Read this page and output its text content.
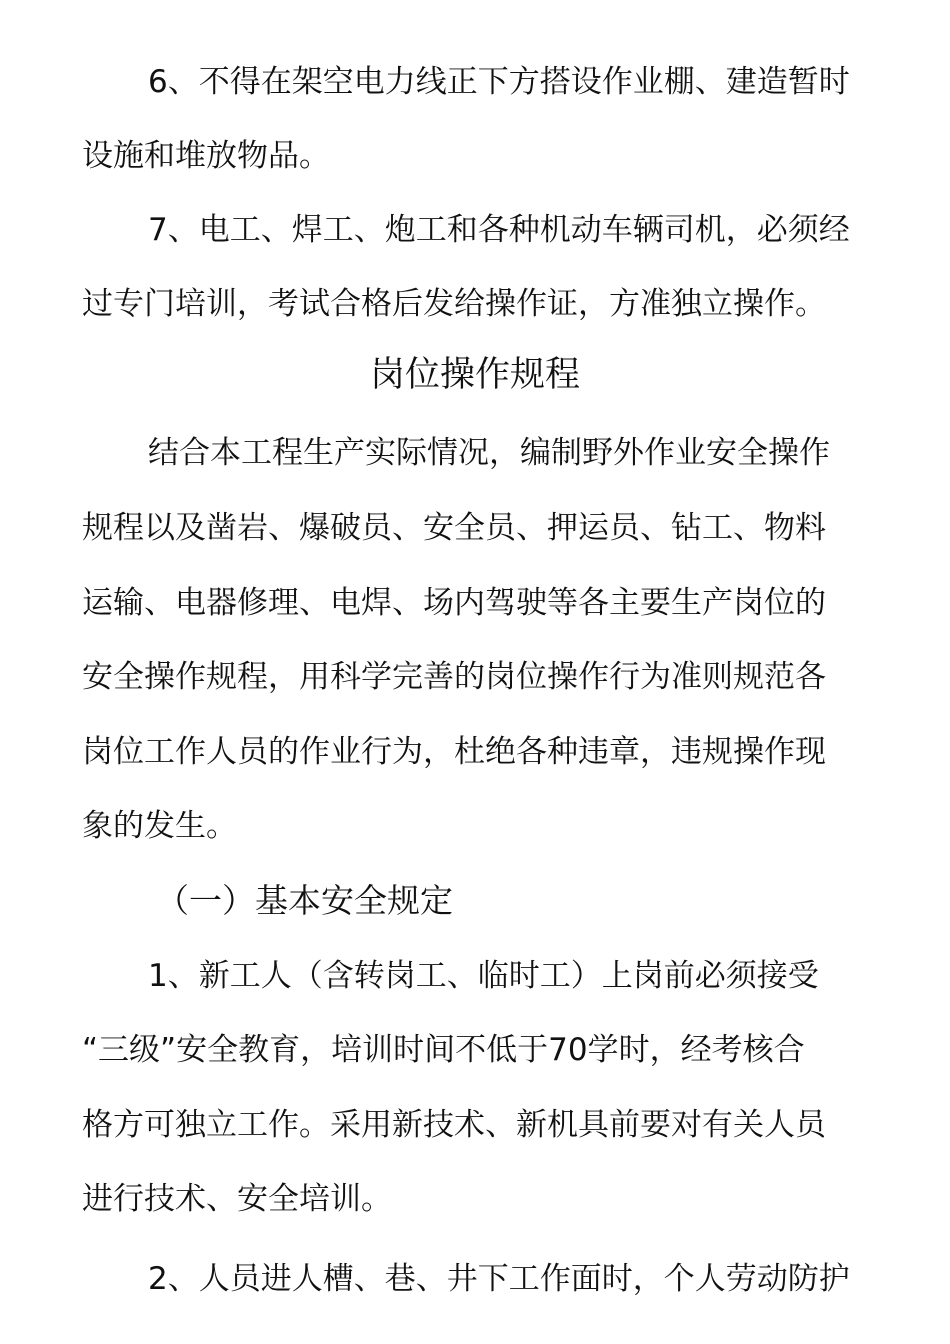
6、不得在架空电力线正下方搭设作业棚、建造暂时
设施和堆放物品。
7、电工、焊工、炮工和各种机动车辆司机，必须经
过专门培训，考试合格后发给操作证，方准独立操作。
岗位操作规程
结合本工程生产实际情况，编制野外作业安全操作
规程以及凿岩、爆破员、安全员、押运员、钻工、物料
运输、电器修理、电焊、场内驾驶等各主要生产岗位的
安全操作规程，用科学完善的岗位操作行为准则规范各
岗位工作人员的作业行为，杜绝各种违章，违规操作现
象的发生。
（一）基本安全规定
1、新工人（含转岗工、临时工）上岗前必须接受
“三级”安全教育，培训时间不低于70学时，经考核合
格方可独立工作。采用新技术、新机具前要对有关人员
进行技术、安全培训。
2、人员进人槽、巷、井下工作面时，个人劳动防护
